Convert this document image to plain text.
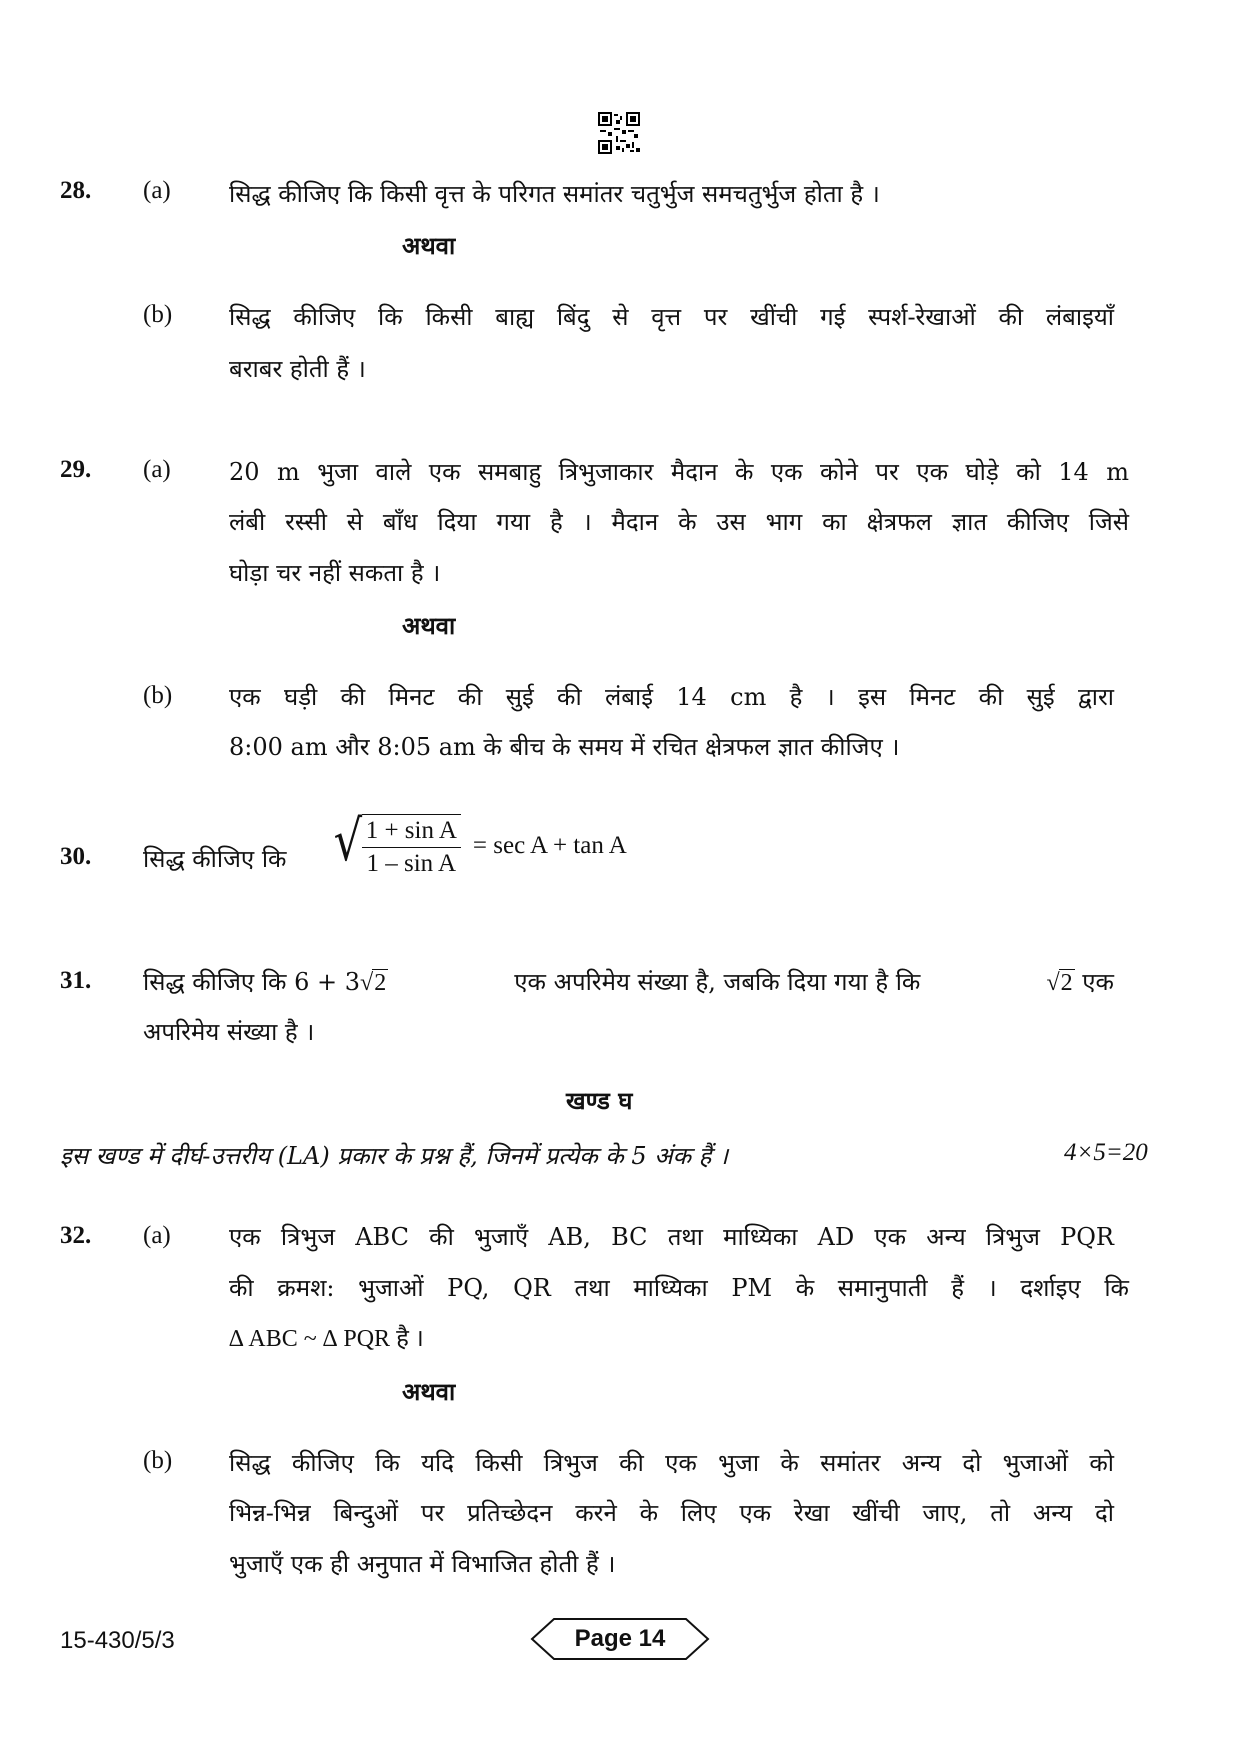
28. (a) सिद्ध कीजिए कि किसी वृत्त के परिगत समांतर चतुर्भुज समचतुर्भुज होता है ।
अथवा
(b) सिद्ध कीजिए कि किसी बाह्य बिंदु से वृत्त पर खींची गई स्पर्श-रेखाओं की लंबाइयाँ
बराबर होती हैं ।
29. (a) 20 m भुजा वाले एक समबाहु त्रिभुजाकार मैदान के एक कोने पर एक घोड़े को 14 m
लंबी रस्सी से बाँध दिया गया है । मैदान के उस भाग का क्षेत्रफल ज्ञात कीजिए जिसे
घोड़ा चर नहीं सकता है ।
अथवा
(b) एक घड़ी की मिनट की सुई की लंबाई 14 cm है । इस मिनट की सुई द्वारा
8:00 am और 8:05 am के बीच के समय में रचित क्षेत्रफल ज्ञात कीजिए ।
30. सिद्ध कीजिए कि √ $\frac{\text{1 + sin A}}{\text{1 – sin A}} = \sec A + \tan A$
31. सिद्ध कीजिए कि 6 + 3√2	एक अपरिमेय संख्या है, जबकि दिया गया है कि	√2 एक
अपरिमेय संख्या है ।
खण्ड घ
इस खण्ड में दीर्घ-उत्तरीय (LA) प्रकार के प्रश्न हैं, जिनमें प्रत्येक के 5 अंक हैं ।	4×5=20
32. (a) एक त्रिभुज ABC की भुजाएँ AB, BC तथा माध्यिका AD एक अन्य त्रिभुज PQR
की क्रमश: भुजाओं PQ, QR तथा माध्यिका PM के समानुपाती हैं । दर्शाइए कि
∆ ABC ~ ∆ PQR है ।
अथवा
(b) सिद्ध कीजिए कि यदि किसी त्रिभुज की एक भुजा के समांतर अन्य दो भुजाओं को
भिन्न-भिन्न बिन्दुओं पर प्रतिच्छेदन करने के लिए एक रेखा खींची जाए, तो अन्य दो
भुजाएँ एक ही अनुपात में विभाजित होती हैं ।
15-430/5/3	Page 14
